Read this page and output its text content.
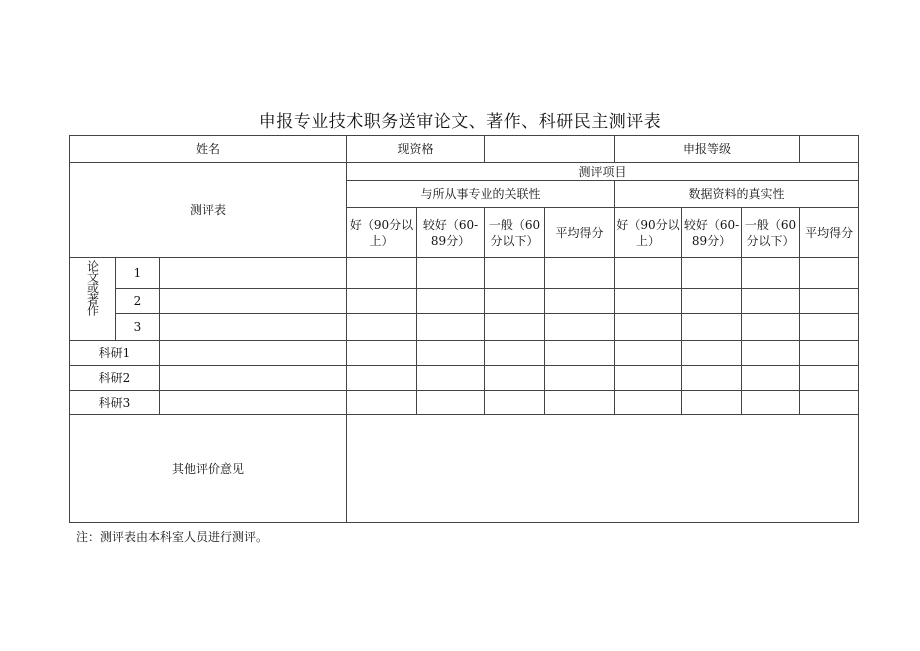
申报专业技术职务送审论文、著作、科研民主测评表
姓名			现资格				申报等级			
测评表			测评项目							
			与所从事专业的关联性				数据资料的真实性			
			好（90分以上）	较好（60-89分）	一般（60分以下）	平均得分	好（90分以上）	较好（60-89分）	一般（60分以下）	平均得分
论文或著作	1									
	2									
	3									
科研1										
科研2										
科研3										
其他评价意见										
注：测评表由本科室人员进行测评。
